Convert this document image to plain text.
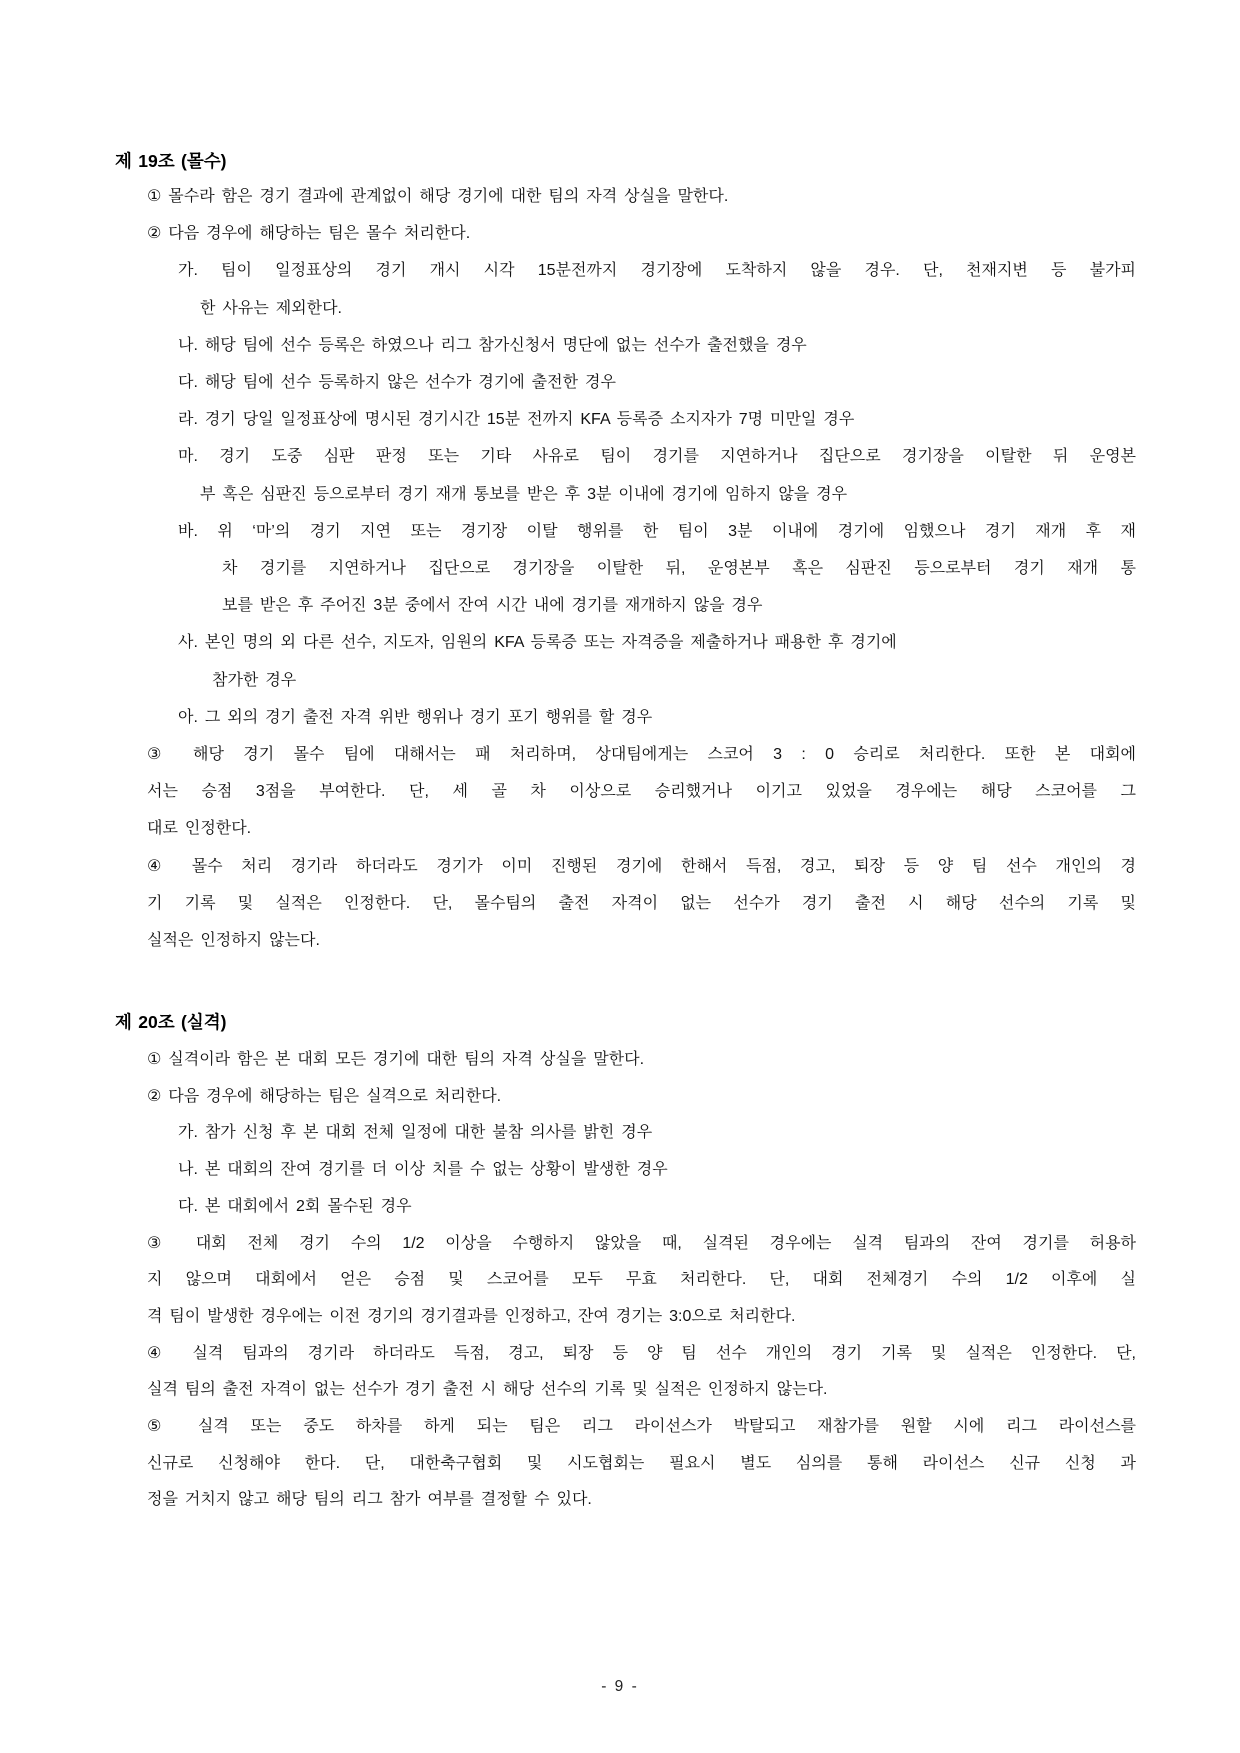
- 9 -
제 19조 (몰수)
① 몰수라 함은 경기 결과에 관계없이 해당 경기에 대한 팀의 자격 상실을 말한다.
② 다음 경우에 해당하는 팀은 몰수 처리한다.
가. 팀이 일정표상의 경기 개시 시각 15분전까지 경기장에 도착하지 않을 경우. 단, 천재지변 등 불가피
한 사유는 제외한다.
나. 해당 팀에 선수 등록은 하였으나 리그 참가신청서 명단에 없는 선수가 출전했을 경우
다. 해당 팀에 선수 등록하지 않은 선수가 경기에 출전한 경우
라. 경기 당일 일정표상에 명시된 경기시간 15분 전까지 KFA 등록증 소지자가 7명 미만일 경우
마. 경기 도중 심판 판정 또는 기타 사유로 팀이 경기를 지연하거나 집단으로 경기장을 이탈한 뒤 운영본
부 혹은 심판진 등으로부터 경기 재개 통보를 받은 후 3분 이내에 경기에 임하지 않을 경우
바. 위 ‘마’의 경기 지연 또는 경기장 이탈 행위를 한 팀이 3분 이내에 경기에 임했으나 경기 재개 후 재
차 경기를 지연하거나 집단으로 경기장을 이탈한 뒤, 운영본부 혹은 심판진 등으로부터 경기 재개 통
보를 받은 후 주어진 3분 중에서 잔여 시간 내에 경기를 재개하지 않을 경우
사. 본인 명의 외 다른 선수, 지도자, 임원의 KFA 등록증 또는 자격증을 제출하거나 패용한 후 경기에
참가한 경우
아. 그 외의 경기 출전 자격 위반 행위나 경기 포기 행위를 할 경우
③ 해당 경기 몰수 팀에 대해서는 패 처리하며, 상대팀에게는 스코어 3 : 0 승리로 처리한다. 또한 본 대회에
서는 승점 3점을 부여한다. 단, 세 골 차 이상으로 승리했거나 이기고 있었을 경우에는 해당 스코어를 그
대로 인정한다.
④ 몰수 처리 경기라 하더라도 경기가 이미 진행된 경기에 한해서 득점, 경고, 퇴장 등 양 팀 선수 개인의 경
기 기록 및 실적은 인정한다. 단, 몰수팀의 출전 자격이 없는 선수가 경기 출전 시 해당 선수의 기록 및
실적은 인정하지 않는다.
제 20조 (실격)
① 실격이라 함은 본 대회 모든 경기에 대한 팀의 자격 상실을 말한다.
② 다음 경우에 해당하는 팀은 실격으로 처리한다.
가. 참가 신청 후 본 대회 전체 일정에 대한 불참 의사를 밝힌 경우
나. 본 대회의 잔여 경기를 더 이상 치를 수 없는 상황이 발생한 경우
다. 본 대회에서 2회 몰수된 경우
③ 대회 전체 경기 수의 1/2 이상을 수행하지 않았을 때, 실격된 경우에는 실격 팀과의 잔여 경기를 허용하
지 않으며 대회에서 얻은 승점 및 스코어를 모두 무효 처리한다. 단, 대회 전체경기 수의 1/2 이후에 실
격 팀이 발생한 경우에는 이전 경기의 경기결과를 인정하고, 잔여 경기는 3:0으로 처리한다.
④ 실격 팀과의 경기라 하더라도 득점, 경고, 퇴장 등 양 팀 선수 개인의 경기 기록 및 실적은 인정한다. 단,
실격 팀의 출전 자격이 없는 선수가 경기 출전 시 해당 선수의 기록 및 실적은 인정하지 않는다.
⑤ 실격 또는 중도 하차를 하게 되는 팀은 리그 라이선스가 박탈되고 재참가를 원할 시에 리그 라이선스를
신규로 신청해야 한다. 단, 대한축구협회 및 시도협회는 필요시 별도 심의를 통해 라이선스 신규 신청 과
정을 거치지 않고 해당 팀의 리그 참가 여부를 결정할 수 있다.
